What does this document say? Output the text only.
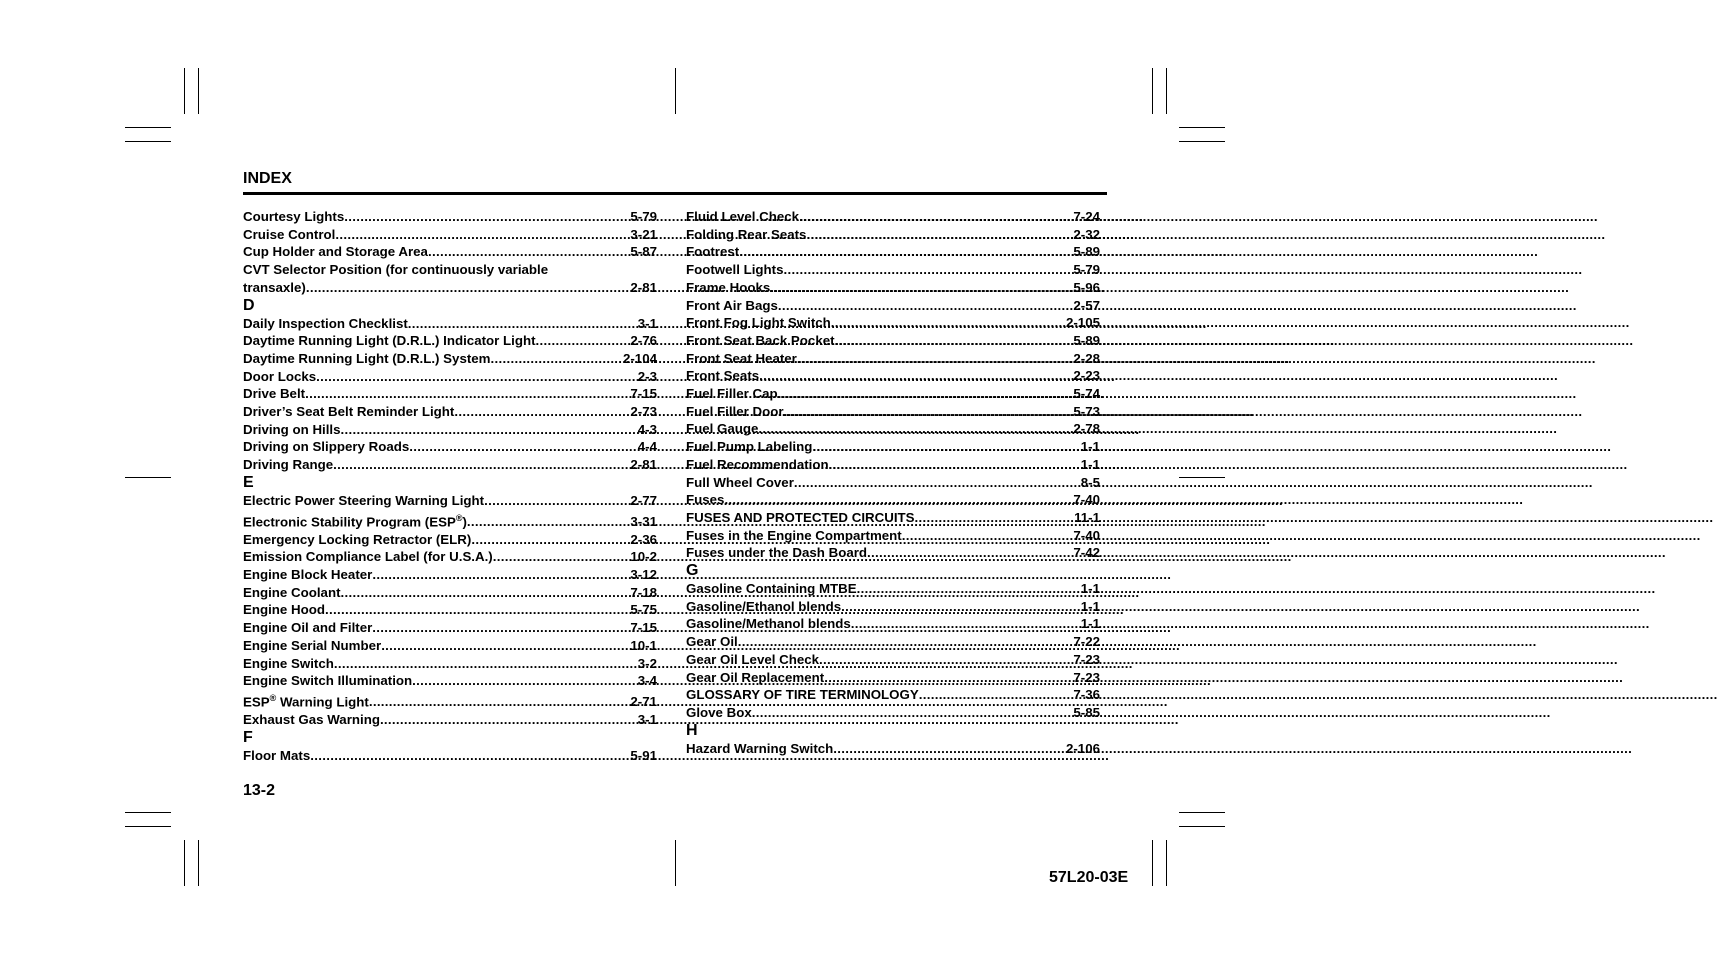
INDEX
Courtesy Lights .....	5-79
Cruise Control .....	3-21
Cup Holder and Storage Area .....	5-87
CVT Selector Position (for continuously variable
transaxle) .....	2-81
D
Daily Inspection Checklist .....	3-1
Daytime Running Light (D.R.L.) Indicator Light .....	2-76
Daytime Running Light (D.R.L.) System .....	2-104
Door Locks .....	2-3
Drive Belt .....	7-15
Driver’s Seat Belt Reminder Light .....	2-73
Driving on Hills .....	4-3
Driving on Slippery Roads .....	4-4
Driving Range .....	2-81
E
Electric Power Steering Warning Light .....	2-77
Electronic Stability Program (ESP®) .....	3-31
Emergency Locking Retractor (ELR) .....	2-36
Emission Compliance Label (for U.S.A.) .....	10-2
Engine Block Heater .....	3-12
Engine Coolant .....	7-18
Engine Hood .....	5-75
Engine Oil and Filter .....	7-15
Engine Serial Number .....	10-1
Engine Switch .....	3-2
Engine Switch Illumination .....	3-4
ESP® Warning Light .....	2-71
Exhaust Gas Warning .....	3-1
F
Floor Mats .....	5-91
Fluid Level Check .....	7-24
Folding Rear Seats .....	2-32
Footrest .....	5-89
Footwell Lights .....	5-79
Frame Hooks .....	5-96
Front Air Bags .....	2-57
Front Fog Light Switch .....	2-105
Front Seat Back Pocket .....	5-89
Front Seat Heater .....	2-28
Front Seats .....	2-23
Fuel Filler Cap .....	5-74
Fuel Filler Door .....	5-73
Fuel Gauge .....	2-78
Fuel Pump Labeling .....	1-1
Fuel Recommendation .....	1-1
Full Wheel Cover .....	8-5
Fuses .....	7-40
FUSES AND PROTECTED CIRCUITS .....	11-1
Fuses in the Engine Compartment .....	7-40
Fuses under the Dash Board .....	7-42
G
Gasoline Containing MTBE .....	1-1
Gasoline/Ethanol blends .....	1-1
Gasoline/Methanol blends .....	1-1
Gear Oil .....	7-22
Gear Oil Level Check .....	7-23
Gear Oil Replacement .....	7-23
GLOSSARY OF TIRE TERMINOLOGY .....	7-36
Glove Box .....	5-85
H
Hazard Warning Switch .....	2-106
13-2
57L20-03E
